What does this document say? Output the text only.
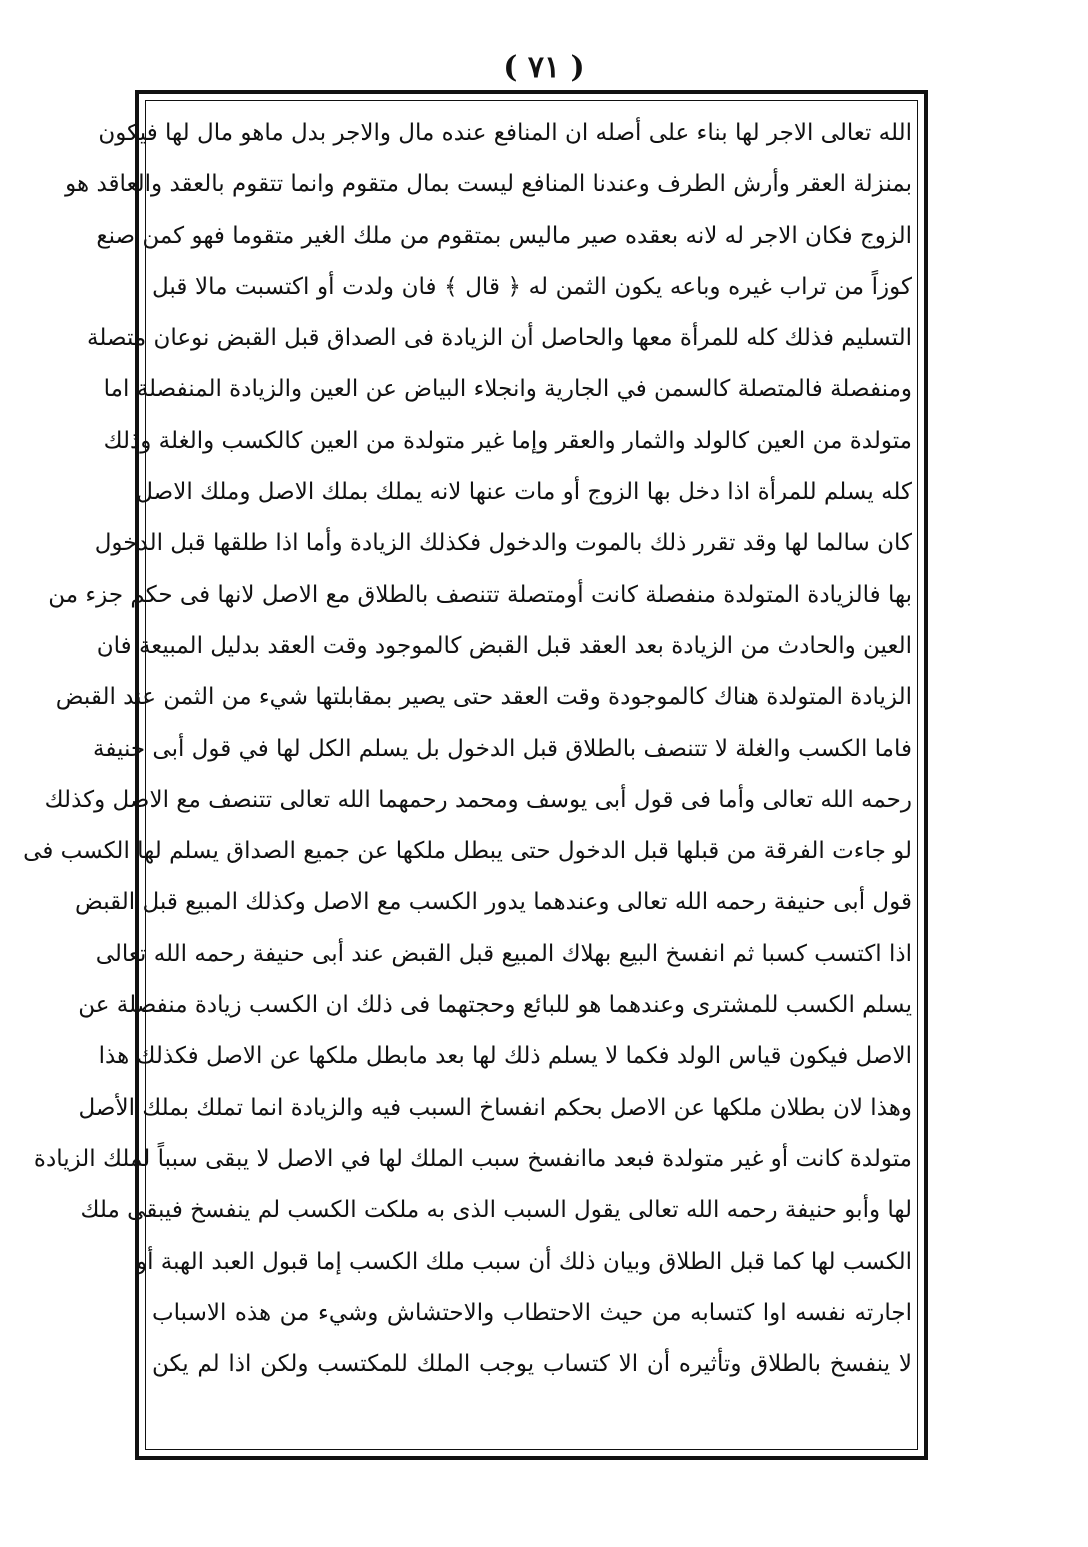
( ٧١ )
الله تعالى الاجر لها بناء على أصله ان المنافع عنده مال والاجر بدل ماهو مال لها فيكون
بمنزلة العقر وأرش الطرف وعندنا المنافع ليست بمال متقوم وانما تتقوم بالعقد والعاقد هو
الزوج فكان الاجر له لانه بعقده صير ماليس بمتقوم من ملك الغير متقوما فهو كمن صنع
كوزاً من تراب غيره وباعه يكون الثمن له ﴿ قال ﴾ فان ولدت أو اكتسبت مالا قبل
التسليم فذلك كله للمرأة معها والحاصل أن الزيادة فى الصداق قبل القبض نوعان متصلة
ومنفصلة فالمتصلة كالسمن في الجارية وانجلاء البياض عن العين والزيادة المنفصلة اما
متولدة من العين كالولد والثمار والعقر وإما غير متولدة من العين كالكسب والغلة وذلك
كله يسلم للمرأة اذا دخل بها الزوج أو مات عنها لانه يملك بملك الاصل وملك الاصل
كان سالما لها وقد تقرر ذلك بالموت والدخول فكذلك الزيادة وأما اذا طلقها قبل الدخول
بها فالزيادة المتولدة منفصلة كانت أومتصلة تتنصف بالطلاق مع الاصل لانها فى حكم جزء من
العين والحادث من الزيادة بعد العقد قبل القبض كالموجود وقت العقد بدليل المبيعة فان
الزيادة المتولدة هناك كالموجودة وقت العقد حتى يصير بمقابلتها شيء من الثمن عند القبض
فاما الكسب والغلة لا تتنصف بالطلاق قبل الدخول بل يسلم الكل لها في قول أبى حنيفة
رحمه الله تعالى وأما فى قول أبى يوسف ومحمد رحمهما الله تعالى تتنصف مع الاصل وكذلك
لو جاءت الفرقة من قبلها قبل الدخول حتى يبطل ملكها عن جميع الصداق يسلم لها الكسب فى
قول أبى حنيفة رحمه الله تعالى وعندهما يدور الكسب مع الاصل وكذلك المبيع قبل القبض
اذا اكتسب كسبا ثم انفسخ البيع بهلاك المبيع قبل القبض عند أبى حنيفة رحمه الله تعالى
يسلم الكسب للمشترى وعندهما هو للبائع وحجتهما فى ذلك ان الكسب زيادة منفصلة عن
الاصل فيكون قياس الولد فكما لا يسلم ذلك لها بعد مابطل ملكها عن الاصل فكذلك هذا
وهذا لان بطلان ملكها عن الاصل بحكم انفساخ السبب فيه والزيادة انما تملك بملك الأصل
متولدة كانت أو غير متولدة فبعد ماانفسخ سبب الملك لها في الاصل لا يبقى سبباً لملك الزيادة
لها وأبو حنيفة رحمه الله تعالى يقول السبب الذى به ملكت الكسب لم ينفسخ فيبقى ملك
الكسب لها كما قبل الطلاق وبيان ذلك أن سبب ملك الكسب إما قبول العبد الهبة أو
اجارته نفسه اوا كتسابه من حيث الاحتطاب والاحتشاش وشيء من هذه الاسباب
لا ينفسخ بالطلاق وتأثيره أن الا كتساب يوجب الملك للمكتسب ولكن اذا لم يكن
